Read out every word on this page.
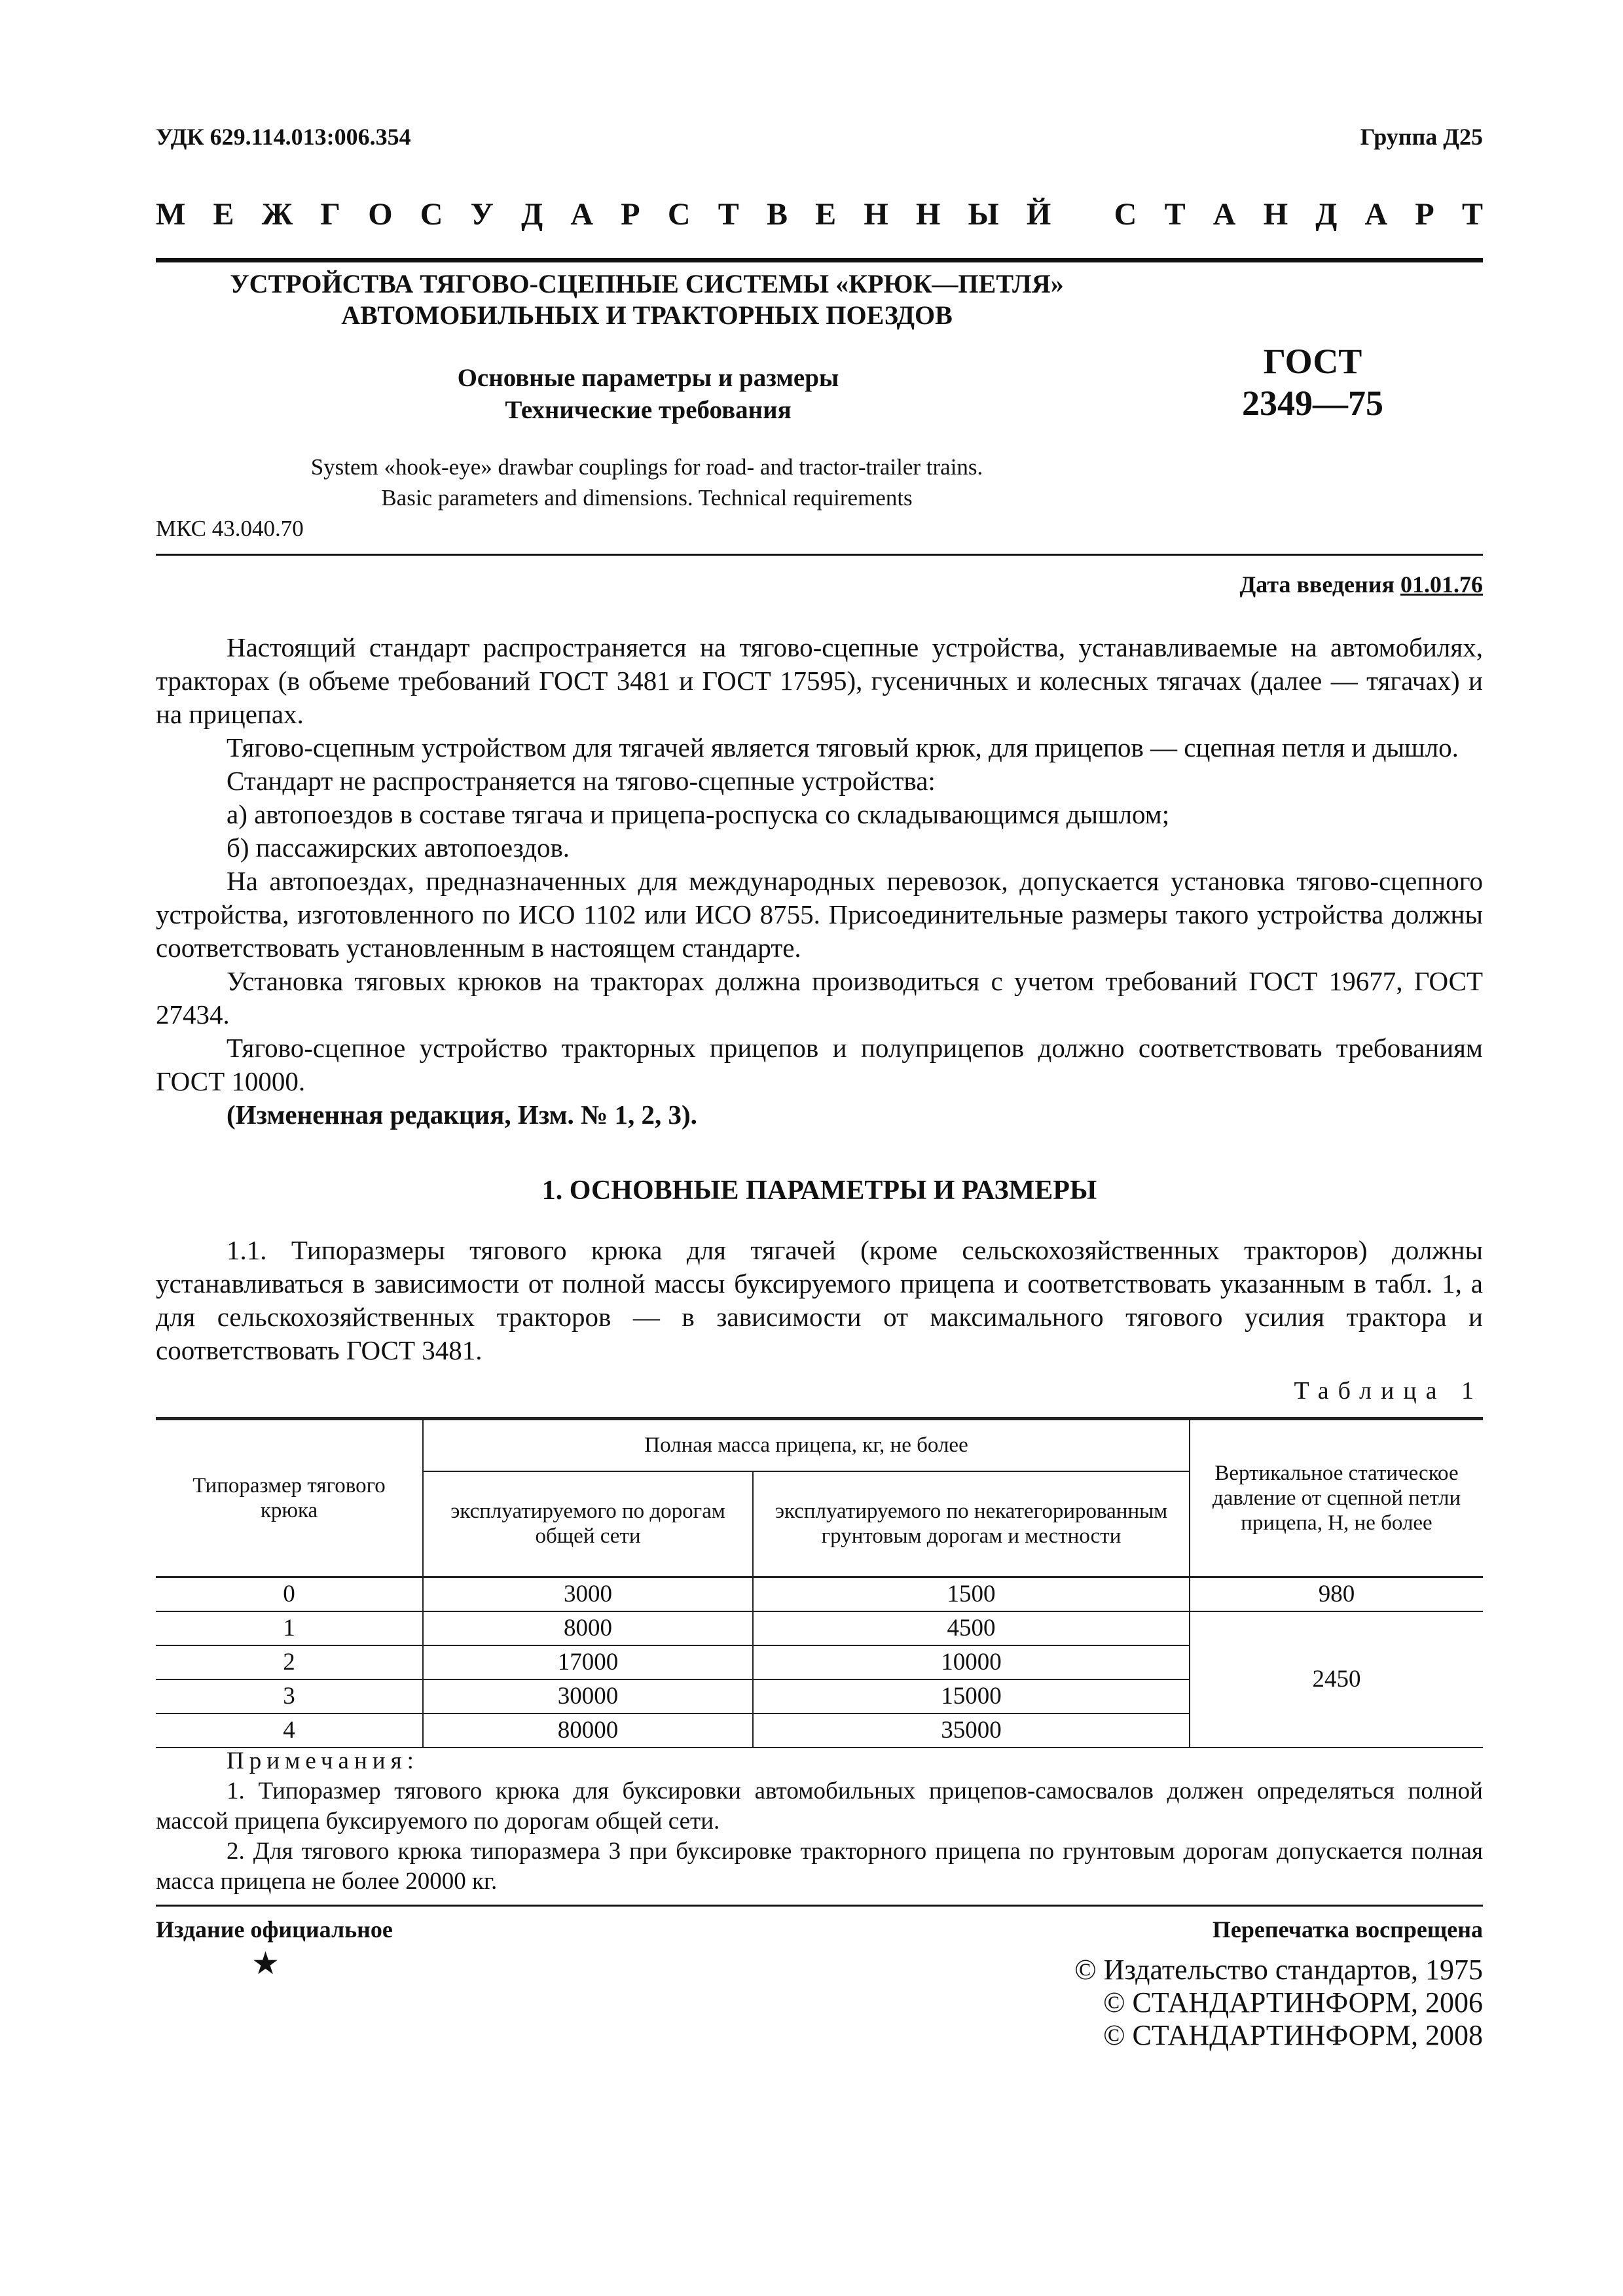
УДК 629.114.013:006.354	Группа Д25
М Е Ж Г О С У Д А Р С Т В Е Н Н Ы Й
С Т А Н Д А Р Т
УСТРОЙСТВА ТЯГОВО-СЦЕПНЫЕ СИСТЕМЫ «КРЮК—ПЕТЛЯ»
АВТОМОБИЛЬНЫХ И ТРАКТОРНЫХ ПОЕЗДОВ
Основные параметры и размеры
Технические требования
ГОСТ
2349—75
System «hook-eye» drawbar couplings for road- and tractor-trailer trains.
Basic parameters and dimensions. Technical requirements
МКС 43.040.70
Дата введения 01.01.76

Настоящий стандарт распространяется на тягово-сцепные устройства, устанавливаемые на автомобилях, тракторах (в объеме требований ГОСТ 3481 и ГОСТ 17595), гусеничных и колесных тягачах (далее — тягачах) и на прицепах.

Тягово-сцепным устройством для тягачей является тяговый крюк, для прицепов — сцепная петля и дышло.

Стандарт не распространяется на тягово-сцепные устройства:

а) автопоездов в составе тягача и прицепа-роспуска со складывающимся дышлом;

б) пассажирских автопоездов.

На автопоездах, предназначенных для международных перевозок, допускается установка тягово-сцепного устройства, изготовленного по ИСО 1102 или ИСО 8755. Присоединительные размеры такого устройства должны соответствовать установленным в настоящем стандарте.

Установка тяговых крюков на тракторах должна производиться с учетом требований ГОСТ 19677, ГОСТ 27434.

Тягово-сцепное устройство тракторных прицепов и полуприцепов должно соответствовать требованиям ГОСТ 10000.

(Измененная редакция, Изм. № 1, 2, 3).

1. ОСНОВНЫЕ ПАРАМЕТРЫ И РАЗМЕРЫ

1.1. Типоразмеры тягового крюка для тягачей (кроме сельскохозяйственных тракторов) должны устанавливаться в зависимости от полной массы буксируемого прицепа и соответствовать указанным в табл. 1, а для сельскохозяйственных тракторов — в зависимости от максимального тягового усилия трактора и соответствовать ГОСТ 3481.

Таблица 1
Типоразмер тягового крюка	Полная масса прицепа, кг, не более		Вертикальное статическое давление от сцепной петли прицепа, Н, не более
	эксплуатируемого по дорогам общей сети	эксплуатируемого по некатегорированным грунтовым дорогам и местности	
0	3000	1500	980
1	8000	4500	2450
2	17000	10000	
3	30000	15000	
4	80000	35000	
Примечания:

1. Типоразмер тягового крюка для буксировки автомобильных прицепов-самосвалов должен определяться полной массой прицепа буксируемого по дорогам общей сети.

2. Для тягового крюка типоразмера 3 при буксировке тракторного прицепа по грунтовым дорогам допускается полная масса прицепа не более 20000 кг.

Издание официальное	Перепечатка воспрещена
★	© Издательство стандартов, 1975
© СТАНДАРТИНФОРМ, 2006
© СТАНДАРТИНФОРМ, 2008
